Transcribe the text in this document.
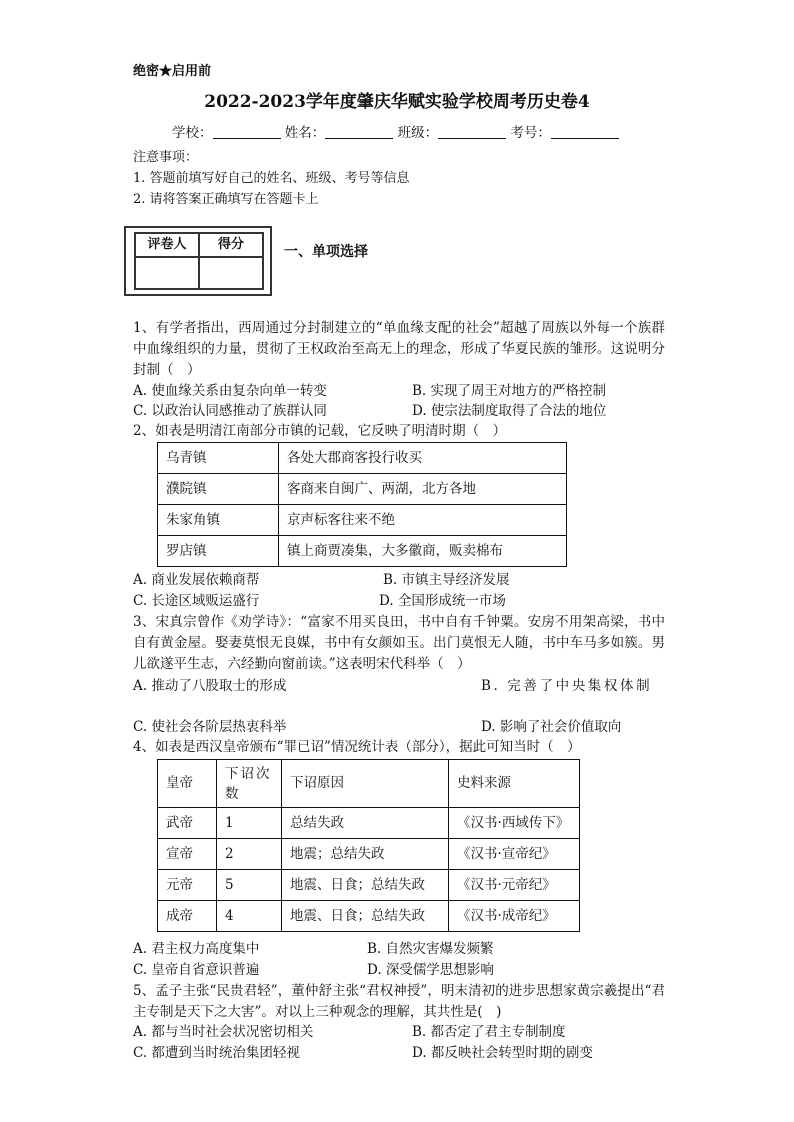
绝密★启用前
2022-2023学年度肇庆华赋实验学校周考历史卷4
学校：	姓名：	班级：	考号：
注意事项：
1. 答题前填写好自己的姓名、班级、考号等信息
2. 请将答案正确填写在答题卡上
评卷人	得分
		一、单项选择
1、有学者指出，西周通过分封制建立的“单血缘支配的社会”超越了周族以外每一个族群中血缘组织的力量，贯彻了王权政治至高无上的理念，形成了华夏民族的雏形。这说明分封制（　）
A. 使血缘关系由复杂向单一转变	B. 实现了周王对地方的严格控制
C. 以政治认同感推动了族群认同	D. 使宗法制度取得了合法的地位
2、如表是明清江南部分市镇的记载，它反映了明清时期（　）
乌青镇	各处大郡商客投行收买
濮院镇	客商来自闽广、两湖，北方各地
朱家角镇	京声标客往来不绝
罗店镇	镇上商贾凑集，大多徽商，贩卖棉布
A. 商业发展依赖商帮	B. 市镇主导经济发展
C. 长途区域贩运盛行	D. 全国形成统一市场
3、宋真宗曾作《劝学诗》：“富家不用买良田，书中自有千钟粟。安房不用架高梁，书中自有黄金屋。娶妻莫恨无良媒，书中有女颜如玉。出门莫恨无人随，书中车马多如簇。男儿欲遂平生志，六经勤向窗前读。”这表明宋代科举（　）
A. 推动了八股取士的形成	B. 完善了中央集权体制
C. 使社会各阶层热衷科举	D. 影响了社会价值取向
4、如表是西汉皇帝颁布“罪已诏”情况统计表（部分），据此可知当时（　）
皇帝	下诏次数	下诏原因	史料来源
武帝	1	总结失政	《汉书·西域传下》
宣帝	2	地震；总结失政	《汉书·宣帝纪》
元帝	5	地震、日食；总结失政	《汉书·元帝纪》
成帝	4	地震、日食；总结失政	《汉书·成帝纪》
A. 君主权力高度集中	B. 自然灾害爆发频繁
C. 皇帝自省意识普遍	D. 深受儒学思想影响
5、孟子主张“民贵君轻”，董仲舒主张“君权神授”，明末清初的进步思想家黄宗羲提出“君主专制是天下之大害”。对以上三种观念的理解，其共性是(　)
A. 都与当时社会状况密切相关	B. 都否定了君主专制制度
C. 都遭到当时统治集团轻视	D. 都反映社会转型时期的剧变
